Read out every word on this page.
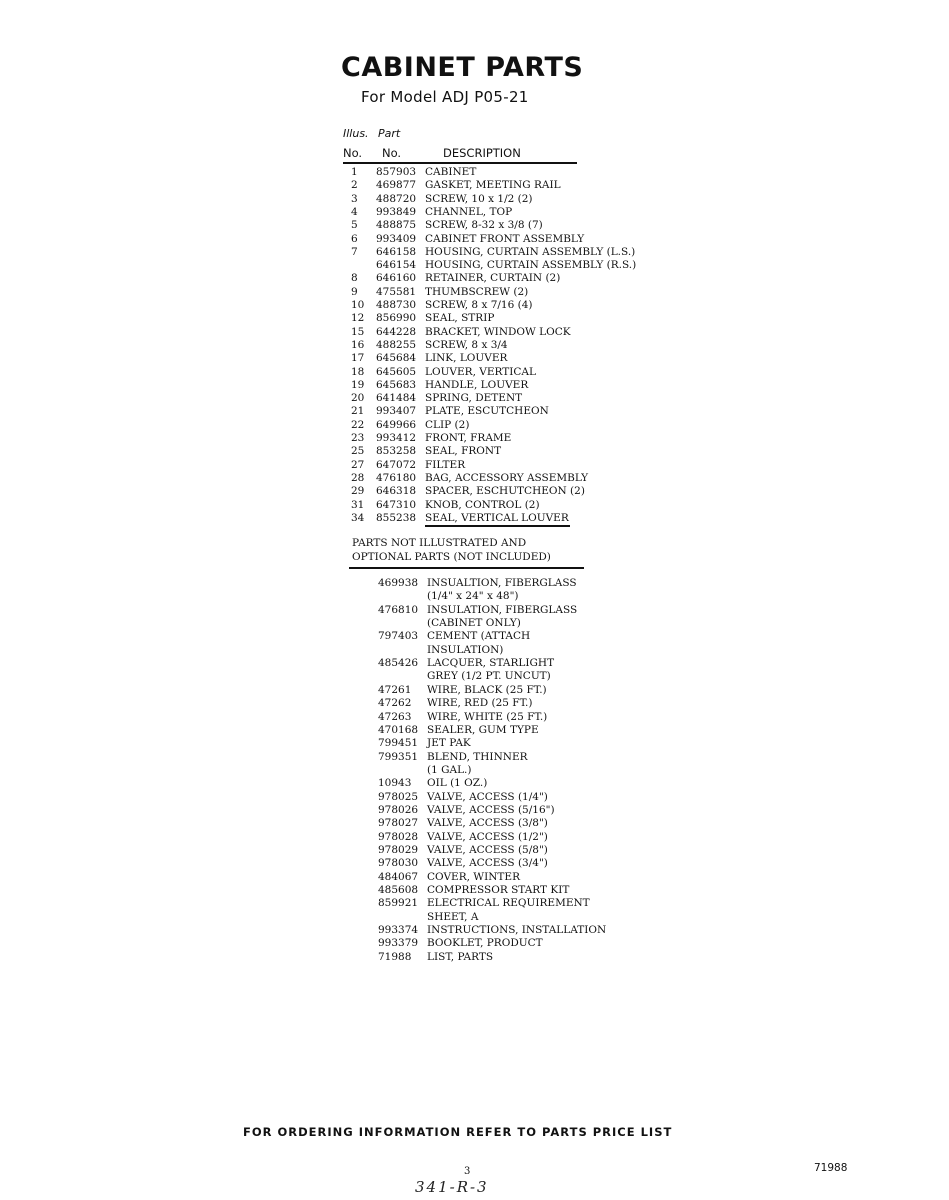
CABINET PARTS
For Model ADJ P05-21
Illus. Part
No. No.	DESCRIPTION
1	857903 CABINET
2	469877 GASKET, MEETING RAIL
3	488720 SCREW, 10 x 1/2 (2)
4	993849 CHANNEL, TOP
5	488875 SCREW, 8-32 x 3/8 (7)
6	993409 CABINET FRONT ASSEMBLY
7	646158 HOUSING, CURTAIN ASSEMBLY (L.S.)
646154 HOUSING, CURTAIN ASSEMBLY (R.S.)
8	646160 RETAINER, CURTAIN (2)
9	475581 THUMBSCREW (2)
10 488730 SCREW, 8 x 7/16 (4)
12 856990 SEAL, STRIP
15 644228 BRACKET, WINDOW LOCK
16 488255 SCREW, 8 x 3/4
17 645684 LINK, LOUVER
18 645605 LOUVER, VERTICAL
19 645683 HANDLE, LOUVER
20 641484 SPRING, DETENT
21 993407 PLATE, ESCUTCHEON
22 649966 CLIP (2)
23 993412 FRONT, FRAME
25 853258 SEAL, FRONT
27 647072 FILTER
28 476180 BAG, ACCESSORY ASSEMBLY
29 646318 SPACER, ESCHUTCHEON (2)
31 647310 KNOB, CONTROL (2)
34 855238 SEAL, VERTICAL LOUVER
PARTS NOT ILLUSTRATED AND
OPTIONAL PARTS (NOT INCLUDED)
469938 INSUALTION, FIBERGLASS
(1/4" x 24" x 48")
476810 INSULATION, FIBERGLASS
(CABINET ONLY)
797403 CEMENT (ATTACH
INSULATION)
485426 LACQUER, STARLIGHT
GREY (1/2 PT. UNCUT)
47261 WIRE, BLACK (25 FT.)
47262 WIRE, RED (25 FT.)
47263 WIRE, WHITE (25 FT.)
470168 SEALER, GUM TYPE
799451 JET PAK
799351 BLEND, THINNER
(1 GAL.)
10943 OIL (1 OZ.)
978025 VALVE, ACCESS (1/4")
978026 VALVE, ACCESS (5/16")
978027 VALVE, ACCESS (3/8")
978028 VALVE, ACCESS (1/2")
978029 VALVE, ACCESS (5/8")
978030 VALVE, ACCESS (3/4")
484067 COVER, WINTER
485608 COMPRESSOR START KIT
859921 ELECTRICAL REQUIREMENT
SHEET, A
993374 INSTRUCTIONS, INSTALLATION
993379 BOOKLET, PRODUCT
71988 LIST, PARTS
FOR ORDERING INFORMATION REFER TO PARTS PRICE LIST
3	71988
341-R-3
